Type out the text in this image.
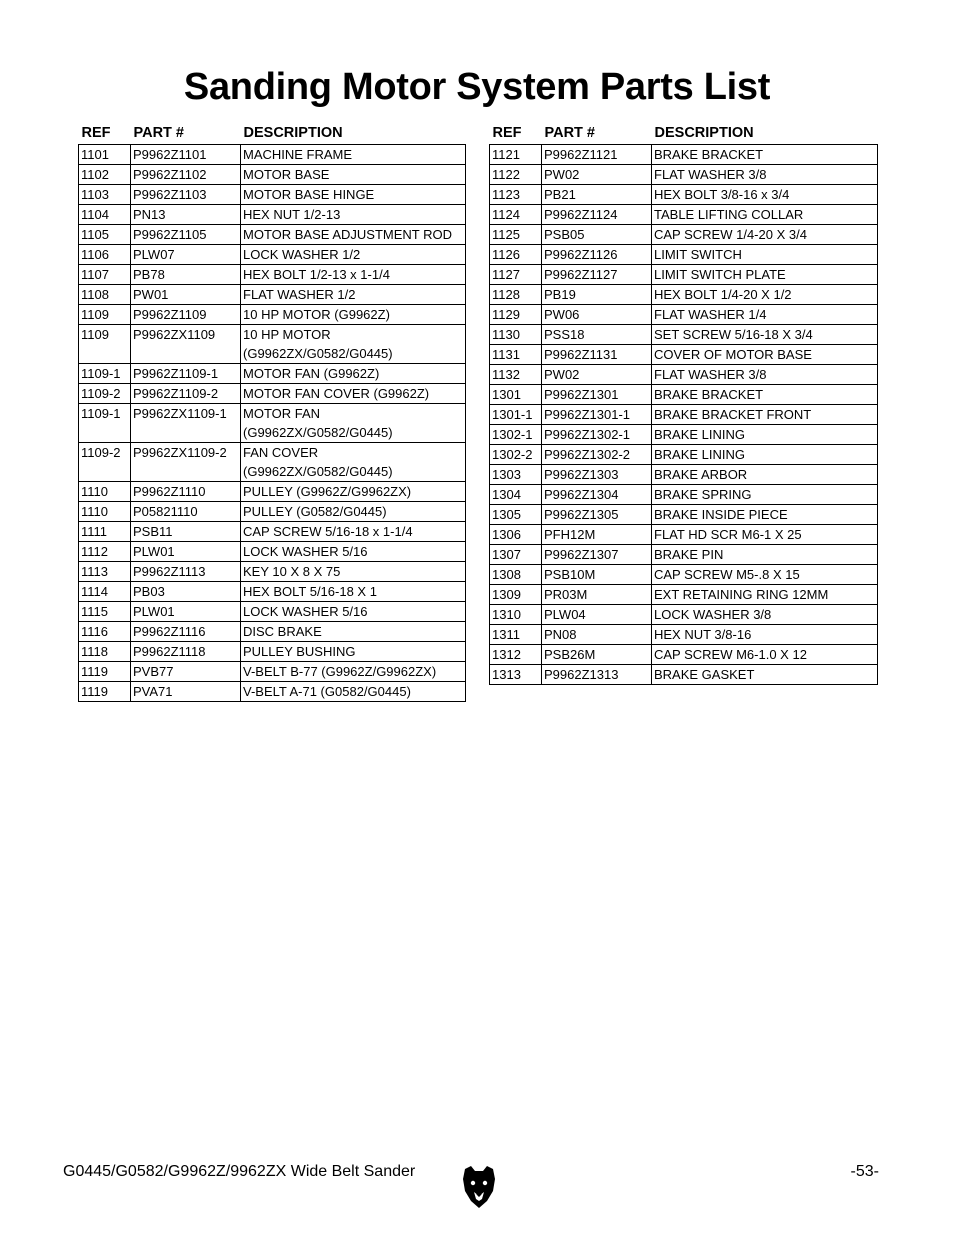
Sanding Motor System Parts List
REF	PART #	DESCRIPTION
1101	P9962Z1101	MACHINE FRAME

1102	P9962Z1102	MOTOR BASE

1103	P9962Z1103	MOTOR BASE HINGE

1104	PN13	HEX NUT 1/2-13

1105	P9962Z1105	MOTOR BASE ADJUSTMENT ROD

1106	PLW07	LOCK WASHER 1/2

1107	PB78	HEX BOLT 1/2-13 x 1-1/4

1108	PW01	FLAT WASHER 1/2

1109	P9962Z1109	10 HP MOTOR (G9962Z)

1109	P9962ZX1109	10 HP MOTOR
(G9962ZX/G0582/G0445)

1109-1	P9962Z1109-1	MOTOR FAN (G9962Z)

1109-2	P9962Z1109-2	MOTOR FAN COVER (G9962Z)

1109-1	P9962ZX1109-1	MOTOR FAN
(G9962ZX/G0582/G0445)

1109-2	P9962ZX1109-2	FAN COVER
(G9962ZX/G0582/G0445)

1110	P9962Z1110	PULLEY (G9962Z/G9962ZX)

1110	P05821110	PULLEY (G0582/G0445)

1111	PSB11	CAP SCREW 5/16-18 x 1-1/4

1112	PLW01	LOCK WASHER 5/16

1113	P9962Z1113	KEY 10 X 8 X 75

1114	PB03	HEX BOLT 5/16-18 X 1

1115	PLW01	LOCK WASHER 5/16

1116	P9962Z1116	DISC BRAKE

1118	P9962Z1118	PULLEY BUSHING

1119	PVB77	V-BELT B-77 (G9962Z/G9962ZX)

1119	PVA71	V-BELT A-71 (G0582/G0445)
REF	PART #	DESCRIPTION
1121	P9962Z1121	BRAKE BRACKET

1122	PW02	FLAT WASHER 3/8

1123	PB21	HEX BOLT 3/8-16 x 3/4

1124	P9962Z1124	TABLE LIFTING COLLAR

1125	PSB05	CAP SCREW 1/4-20 X 3/4

1126	P9962Z1126	LIMIT SWITCH

1127	P9962Z1127	LIMIT SWITCH PLATE

1128	PB19	HEX BOLT 1/4-20 X 1/2

1129	PW06	FLAT WASHER 1/4

1130	PSS18	SET SCREW 5/16-18 X 3/4

1131	P9962Z1131	COVER OF MOTOR BASE

1132	PW02	FLAT WASHER 3/8

1301	P9962Z1301	BRAKE BRACKET

1301-1	P9962Z1301-1	BRAKE BRACKET FRONT

1302-1	P9962Z1302-1	BRAKE LINING

1302-2	P9962Z1302-2	BRAKE LINING

1303	P9962Z1303	BRAKE ARBOR

1304	P9962Z1304	BRAKE SPRING

1305	P9962Z1305	BRAKE INSIDE PIECE

1306	PFH12M	FLAT HD SCR M6-1 X 25

1307	P9962Z1307	BRAKE PIN

1308	PSB10M	CAP SCREW M5-.8 X 15

1309	PR03M	EXT RETAINING RING 12MM

1310	PLW04	LOCK WASHER 3/8

1311	PN08	HEX NUT 3/8-16

1312	PSB26M	CAP SCREW M6-1.0 X 12

1313	P9962Z1313	BRAKE GASKET
G0445/G0582/G9962Z/9962ZX Wide Belt Sander	-53-
